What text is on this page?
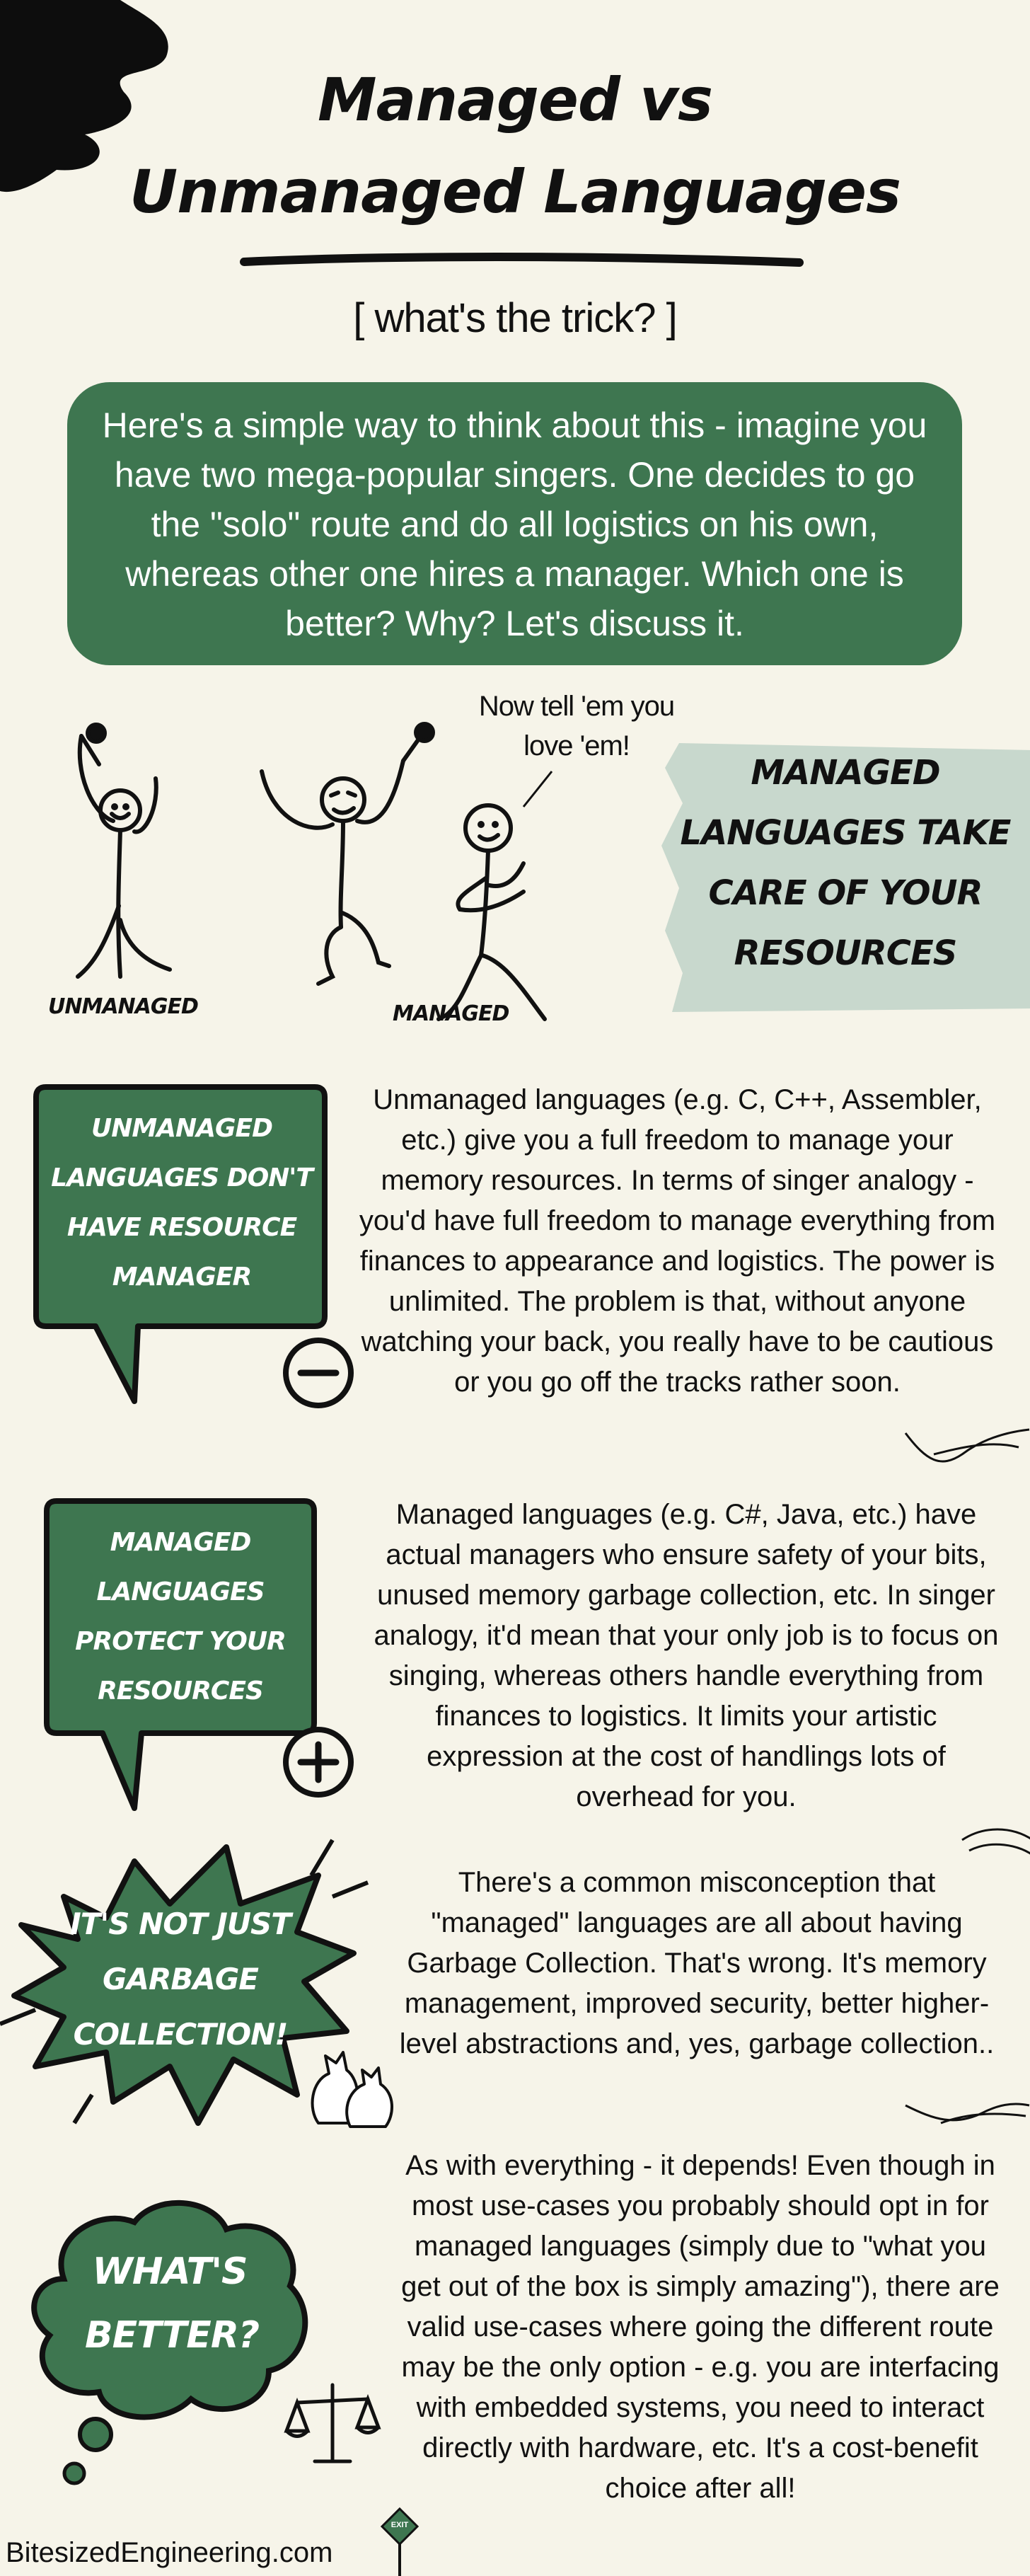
Managed vs
Unmanaged Languages
[ what's the trick? ]
Here's a simple way to think about this - imagine you have two mega-popular singers. One decides to go the "solo" route and do all logistics on his own, whereas other one hires a manager. Which one is better? Why? Let's discuss it.
Now tell 'em you love 'em!
UNMANAGED	MANAGED
MANAGED LANGUAGES TAKE CARE OF YOUR RESOURCES
UNMANAGED LANGUAGES DON'T HAVE RESOURCE MANAGER
Unmanaged languages (e.g. C, C++, Assembler, etc.) give you a full freedom to manage your memory resources. In terms of singer analogy - you'd have full freedom to manage everything from finances to appearance and logistics. The power is unlimited. The problem is that, without anyone watching your back, you really have to be cautious or you go off the tracks rather soon.
MANAGED LANGUAGES PROTECT YOUR RESOURCES
Managed languages (e.g. C#, Java, etc.) have actual managers who ensure safety of your bits, unused memory garbage collection, etc. In singer analogy, it'd mean that your only job is to focus on singing, whereas others handle everything from finances to logistics. It limits your artistic expression at the cost of handlings lots of overhead for you.
IT'S NOT JUST GARBAGE COLLECTION!
There's a common misconception that "managed" languages are all about having Garbage Collection. That's wrong. It's memory management, improved security, better higher-level abstractions and, yes, garbage collection..
WHAT'S BETTER?
As with everything - it depends! Even though in most use-cases you probably should opt in for managed languages (simply due to "what you get out of the box is simply amazing"), there are valid use-cases where going the different route may be the only option - e.g. you are interfacing with embedded systems, you need to interact directly with hardware, etc. It's a cost-benefit choice after all!
BitesizedEngineering.com
EXIT
